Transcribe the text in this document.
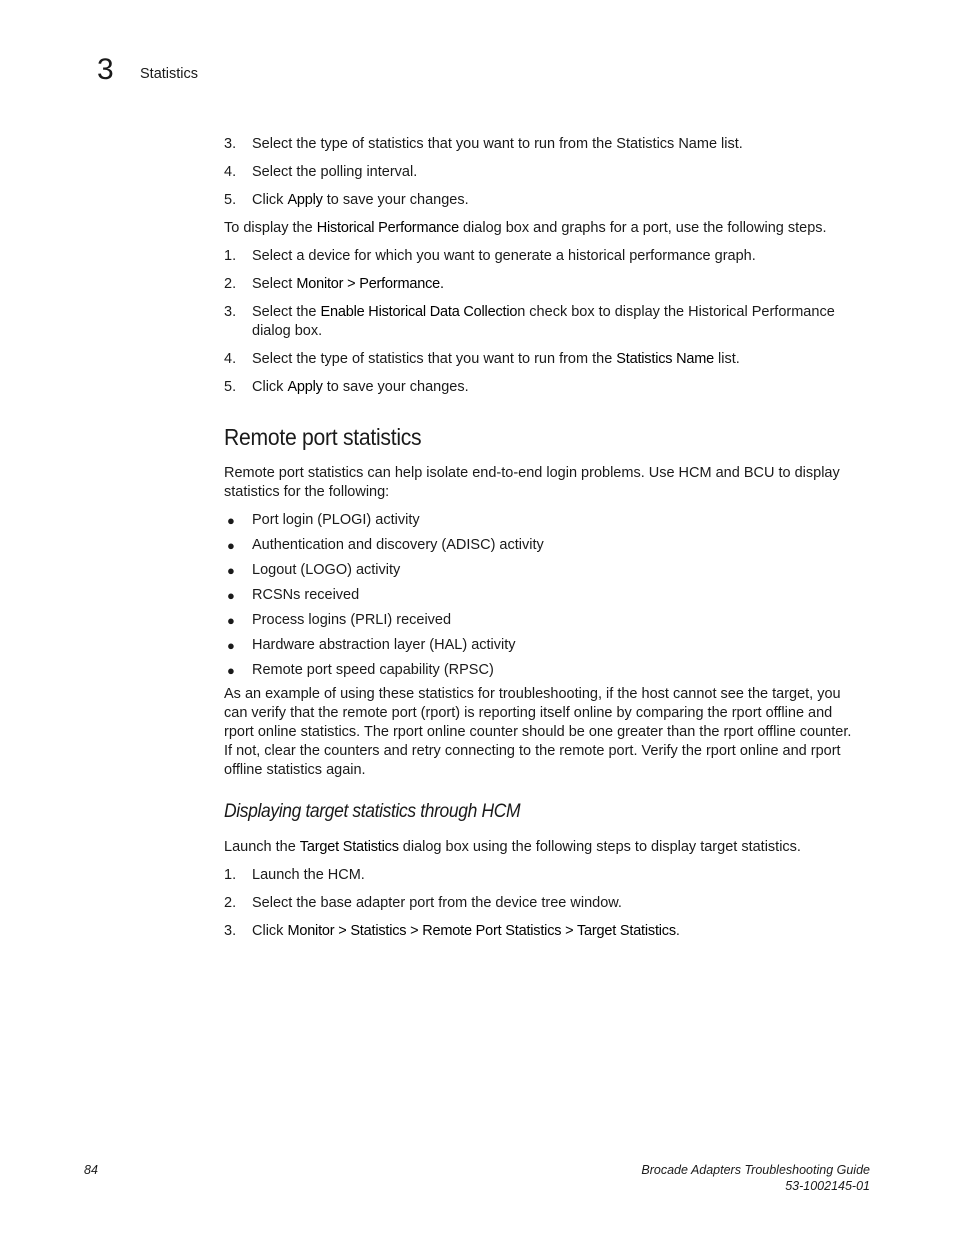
3 Statistics
3. Select the type of statistics that you want to run from the Statistics Name list.
4. Select the polling interval.
5. Click Apply to save your changes.
To display the Historical Performance dialog box and graphs for a port, use the following steps.
1. Select a device for which you want to generate a historical performance graph.
2. Select Monitor > Performance.
3. Select the Enable Historical Data Collection check box to display the Historical Performance
dialog box.
4. Select the type of statistics that you want to run from the Statistics Name list.
5. Click Apply to save your changes.
Remote port statistics
Remote port statistics can help isolate end-to-end login problems. Use HCM and BCU to display
statistics for the following:
● Port login (PLOGI) activity
● Authentication and discovery (ADISC) activity
● Logout (LOGO) activity
● RCSNs received
● Process logins (PRLI) received
● Hardware abstraction layer (HAL) activity
● Remote port speed capability (RPSC)
As an example of using these statistics for troubleshooting, if the host cannot see the target, you
can verify that the remote port (rport) is reporting itself online by comparing the rport offline and
rport online statistics. The rport online counter should be one greater than the rport offline counter.
If not, clear the counters and retry connecting to the remote port. Verify the rport online and rport
offline statistics again.
Displaying target statistics through HCM
Launch the Target Statistics dialog box using the following steps to display target statistics.
1. Launch the HCM.
2. Select the base adapter port from the device tree window.
3. Click Monitor > Statistics > Remote Port Statistics > Target Statistics.
84	Brocade Adapters Troubleshooting Guide
53-1002145-01
